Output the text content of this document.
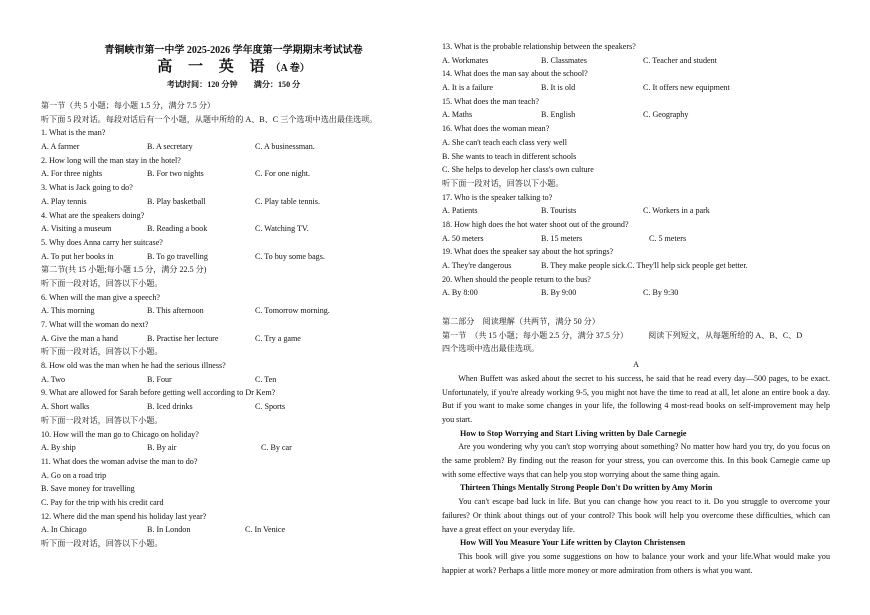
青铜峡市第一中学 2025-2026 学年度第一学期期末考试试卷
高 一 英 语（A 卷）
考试时间：120 分钟　　满分：150 分
第一节（共 5 小题；每小题 1.5 分，满分 7.5 分）
听下面 5 段对话。每段对话后有一个小题，从题中所给的 A、B、C 三个选项中选出最佳选项。
1. What is the man?
A. A farmer	B. A secretary	C. A businessman.
2. How long will the man stay in the hotel?
A. For three nights	B. For two nights	C. For one night.
3. What is Jack going to do?
A. Play tennis	B. Play basketball	C. Play table tennis.
4. What are the speakers doing?
A. Visiting a museum	B. Reading a book	C. Watching TV.
5. Why does Anna carry her suitcase?
A. To put her books in	B. To go travelling	C. To buy some bags.
第二节(共 15 小题;每小题 1.5 分，满分 22.5 分)
听下面一段对话，回答以下小题。
6. When will the man give a speech?
A. This morning	B. This afternoon	C. Tomorrow morning.
7. What will the woman do next?
A. Give the man a hand	B. Practise her lecture	C. Try a game
听下面一段对话，回答以下小题。
8. How old was the man when he had the serious illness?
A. Two	B. Four	C. Ten
9. What are allowed for Sarah before getting well according to Dr Kem?
A. Short walks	B. Iced drinks	C. Sports
听下面一段对话，回答以下小题。
10. How will the man go to Chicago on holiday?
A. By ship	B. By air	C. By car
11. What does the woman advise the man to do?
A. Go on a road trip
B. Save money for travelling
C. Pay for the trip with his credit card
12. Where did the man spend his holiday last year?
A. In Chicago	B. In London	C. In Venice
听下面一段对话，回答以下小题。
13. What is the probable relationship between the speakers?
A. Workmates	B. Classmates	C. Teacher and student
14. What does the man say about the school?
A. It is a failure	B. It is old	C. It offers new equipment
15. What does the man teach?
A. Maths	B. English	C. Geography
16. What does the woman mean?
A. She can't teach each class very well
B. She wants to teach in different schools
C. She helps to develop her class's own culture
听下面一段对话，回答以下小题。
17. Who is the speaker talking to?
A. Patients	B. Tourists	C. Workers in a park
18. How high does the hot water shoot out of the ground?
A. 50 meters	B. 15 meters	C. 5 meters
19. What does the speaker say about the hot springs?
A. They're dangerous	B. They make people sick. C. They'll help sick people get better.
20. When should the people return to the bus?
A. By 8:00	B. By 9:00	C. By 9:30
第二部分　阅读理解（共两节，满分 50 分）
第一节　（共 15 小题；每小题 2.5 分，满分 37.5 分） 阅读下列短文，从每题所给的 A、B、C、D
四个选项中选出最佳选项。
A
When Buffett was asked about the secret to his success, he said that he read every day—500 pages, to be exact. Unfortunately, if you're already working 9-5, you might not have the time to read at all, let alone an entire book a day. But if you want to make some changes in your life, the following 4 most-read books on self-improvement may help you start.
How to Stop Worrying and Start Living written by Dale Carnegie
Are you wondering why you can't stop worrying about something? No matter how hard you try, do you focus on the same problem? By finding out the reason for your stress, you can overcome this. In this book Carnegie came up with some effective ways that can help you stop worrying about the same thing again.
Thirteen Things Mentally Strong People Don't Do written by Amy Morin
You can't escape bad luck in life. But you can change how you react to it. Do you struggle to overcome your failures? Or think about things out of your control? This book will help you overcome these difficulties, which can have a great effect on your everyday life.
How Will You Measure Your Life written by Clayton Christensen
This book will give you some suggestions on how to balance your work and your life.What would make you happier at work? Perhaps a little more money or more admiration from others is what you want.
